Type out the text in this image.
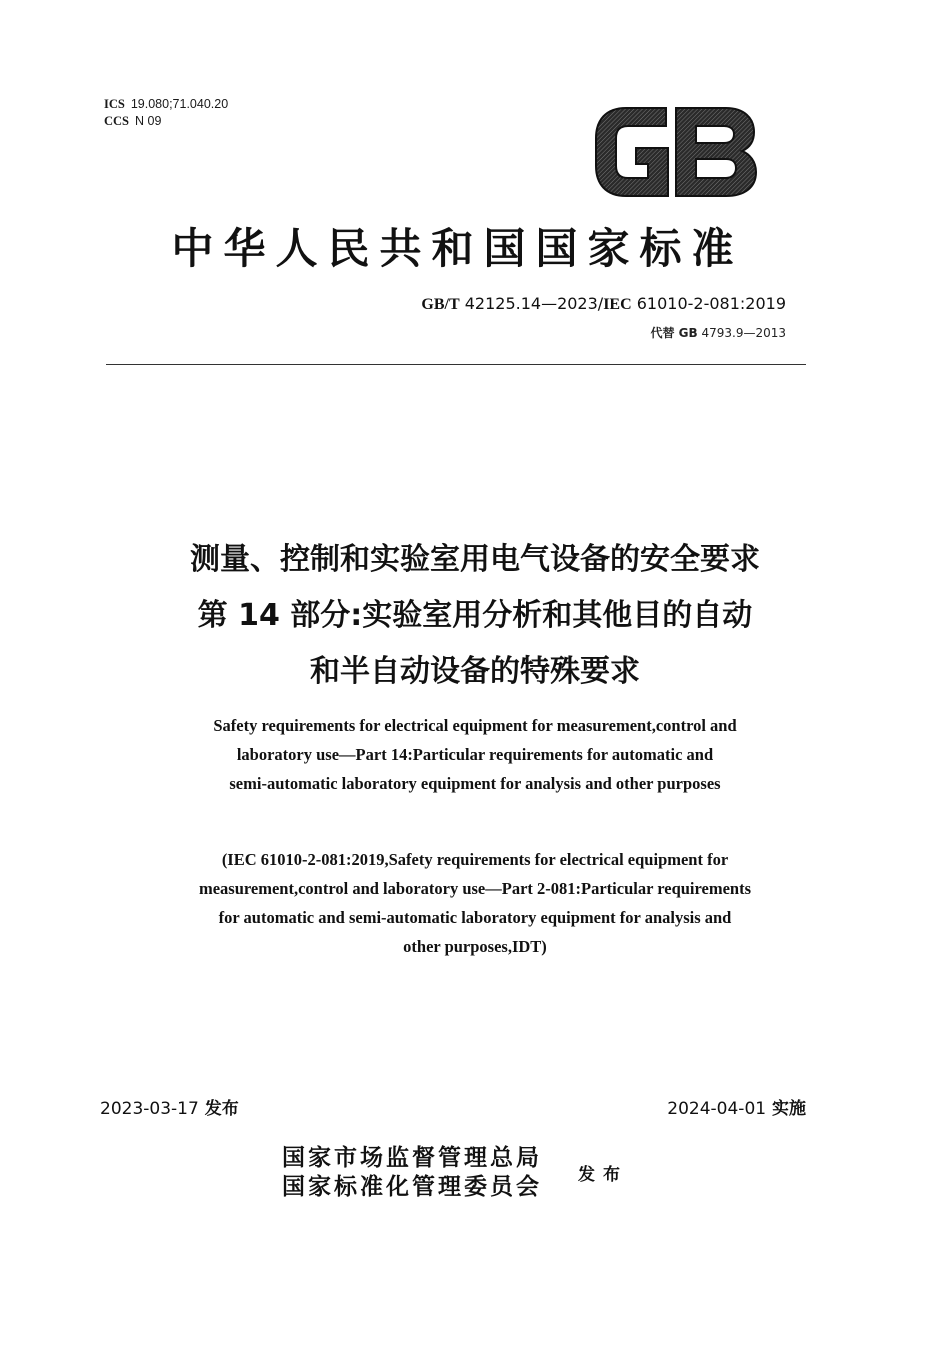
ICS 19.080;71.040.20
CCS N 09
GB
中华人民共和国国家标准
GB/T 42125.14—2023/IEC 61010-2-081:2019
代替 GB 4793.9—2013
测量、控制和实验室用电气设备的安全要求
第 14 部分:实验室用分析和其他目的自动
和半自动设备的特殊要求
Safety requirements for electrical equipment for measurement,control and
laboratory use—Part 14:Particular requirements for automatic and
semi-automatic laboratory equipment for analysis and other purposes
(IEC 61010-2-081:2019,Safety requirements for electrical equipment for
measurement,control and laboratory use—Part 2-081:Particular requirements
for automatic and semi-automatic laboratory equipment for analysis and
other purposes,IDT)
2023-03-17 发布	2024-04-01 实施
国家市场监督管理总局
国家标准化管理委员会 发布
